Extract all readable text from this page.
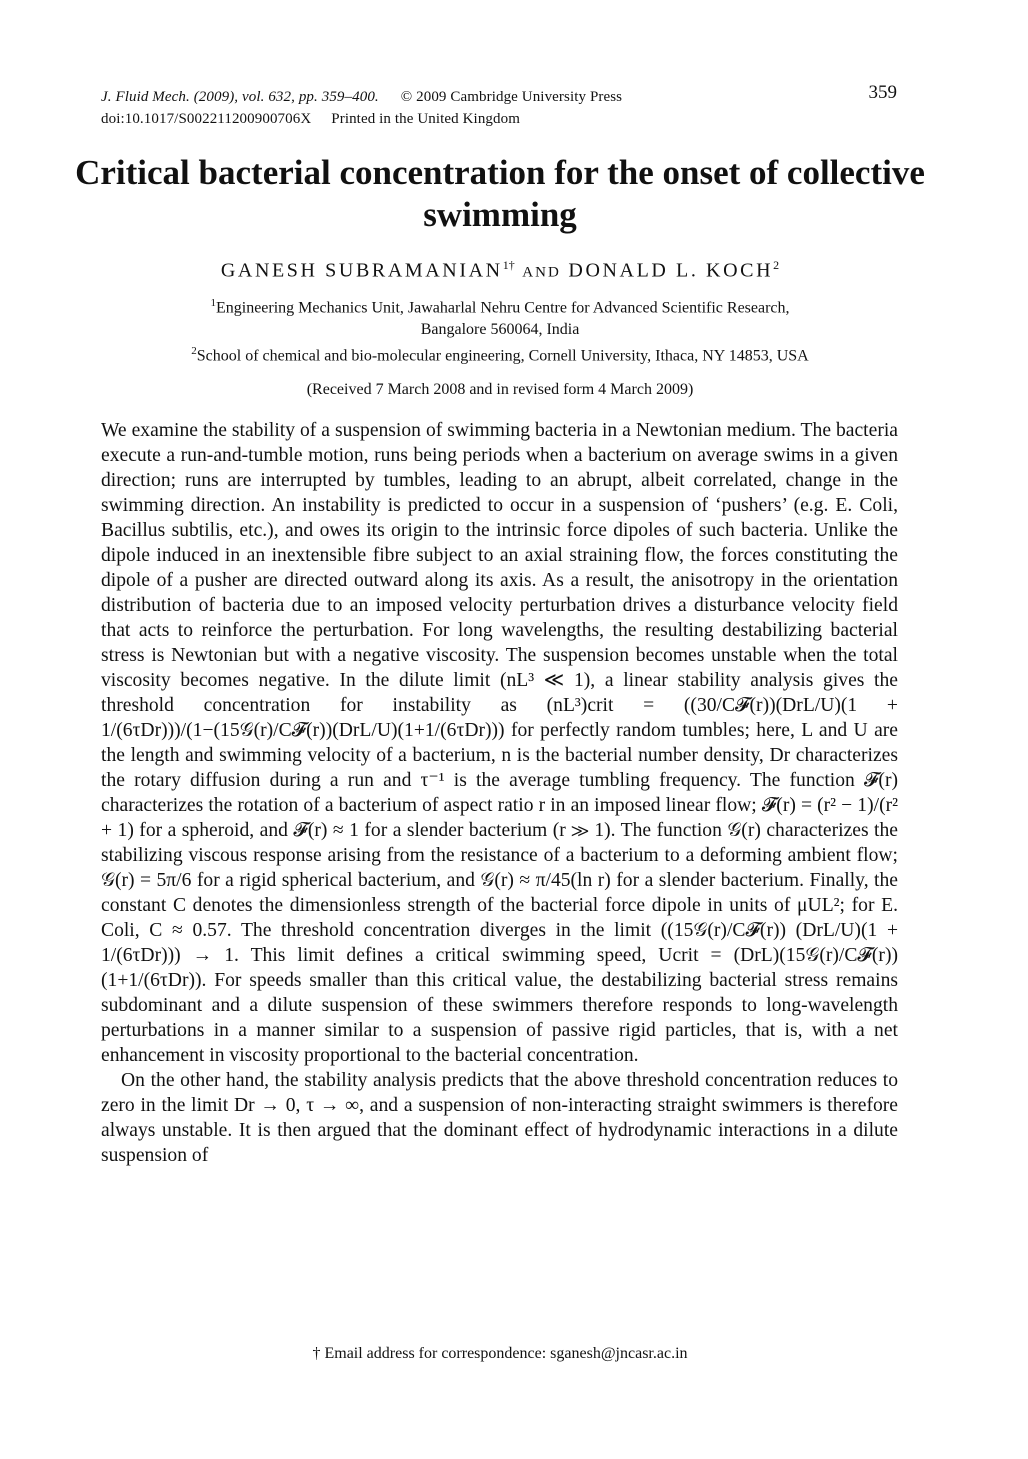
J. Fluid Mech. (2009), vol. 632, pp. 359–400. © 2009 Cambridge University Press
doi:10.1017/S002211200900706X Printed in the United Kingdom
359
Critical bacterial concentration for the onset of collective swimming
GANESH $SUBRAMANIAN^{1\dagger}$ AND DONALD L. KOCH$^2$
$^1$Engineering Mechanics Unit, Jawaharlal Nehru Centre for Advanced Scientific Research,
Bangalore 560064, India
$^2$School of chemical and bio-molecular engineering, Cornell University, Ithaca, NY 14853, USA
(Received 7 March 2008 and in revised form 4 March 2009)

We examine the stability of a suspension of swimming bacteria in a Newtonian medium. The bacteria execute a run-and-tumble motion, runs being periods when a bacterium on average swims in a given direction; runs are interrupted by tumbles, leading to an abrupt, albeit correlated, change in the swimming direction. An instability is predicted to occur in a suspension of ‘pushers’ (e.g. E. Coli, Bacillus subtilis, etc.), and owes its origin to the intrinsic force dipoles of such bacteria. Unlike the dipole induced in an inextensible fibre subject to an axial straining flow, the forces constituting the dipole of a pusher are directed outward along its axis. As a result, the anisotropy in the orientation distribution of bacteria due to an imposed velocity perturbation drives a disturbance velocity field that acts to reinforce the perturbation. For long wavelengths, the resulting destabilizing bacterial stress is Newtonian but with a negative viscosity. The suspension becomes unstable when the total viscosity becomes negative. In the dilute limit (nL³ ≪ 1), a linear stability analysis gives the threshold concentration for instability as (nL³)crit = ((30/C𝓕(r))(DrL/U)(1 + 1/(6τDr)))/(1−(15𝒢(r)/C𝓕(r))(DrL/U)(1+1/(6τDr))) for perfectly random tumbles; here, L and U are the length and swimming velocity of a bacterium, n is the bacterial number density, Dr characterizes the rotary diffusion during a run and τ⁻¹ is the average tumbling frequency. The function 𝓕(r) characterizes the rotation of a bacterium of aspect ratio r in an imposed linear flow; 𝓕(r) = (r² − 1)/(r² + 1) for a spheroid, and 𝓕(r) ≈ 1 for a slender bacterium (r ≫ 1). The function 𝒢(r) characterizes the stabilizing viscous response arising from the resistance of a bacterium to a deforming ambient flow; 𝒢(r) = 5π/6 for a rigid spherical bacterium, and 𝒢(r) ≈ π/45(ln r) for a slender bacterium. Finally, the constant C denotes the dimensionless strength of the bacterial force dipole in units of μUL²; for E. Coli, C ≈ 0.57. The threshold concentration diverges in the limit ((15𝒢(r)/C𝓕(r)) (DrL/U)(1 + 1/(6τDr))) → 1. This limit defines a critical swimming speed, Ucrit = (DrL)(15𝒢(r)/C𝓕(r))(1+1/(6τDr)). For speeds smaller than this critical value, the destabilizing bacterial stress remains subdominant and a dilute suspension of these swimmers therefore responds to long-wavelength perturbations in a manner similar to a suspension of passive rigid particles, that is, with a net enhancement in viscosity proportional to the bacterial concentration.

On the other hand, the stability analysis predicts that the above threshold concentration reduces to zero in the limit Dr → 0, τ → ∞, and a suspension of non-interacting straight swimmers is therefore always unstable. It is then argued that the dominant effect of hydrodynamic interactions in a dilute suspension of

† Email address for correspondence: sganesh@jncasr.ac.in
